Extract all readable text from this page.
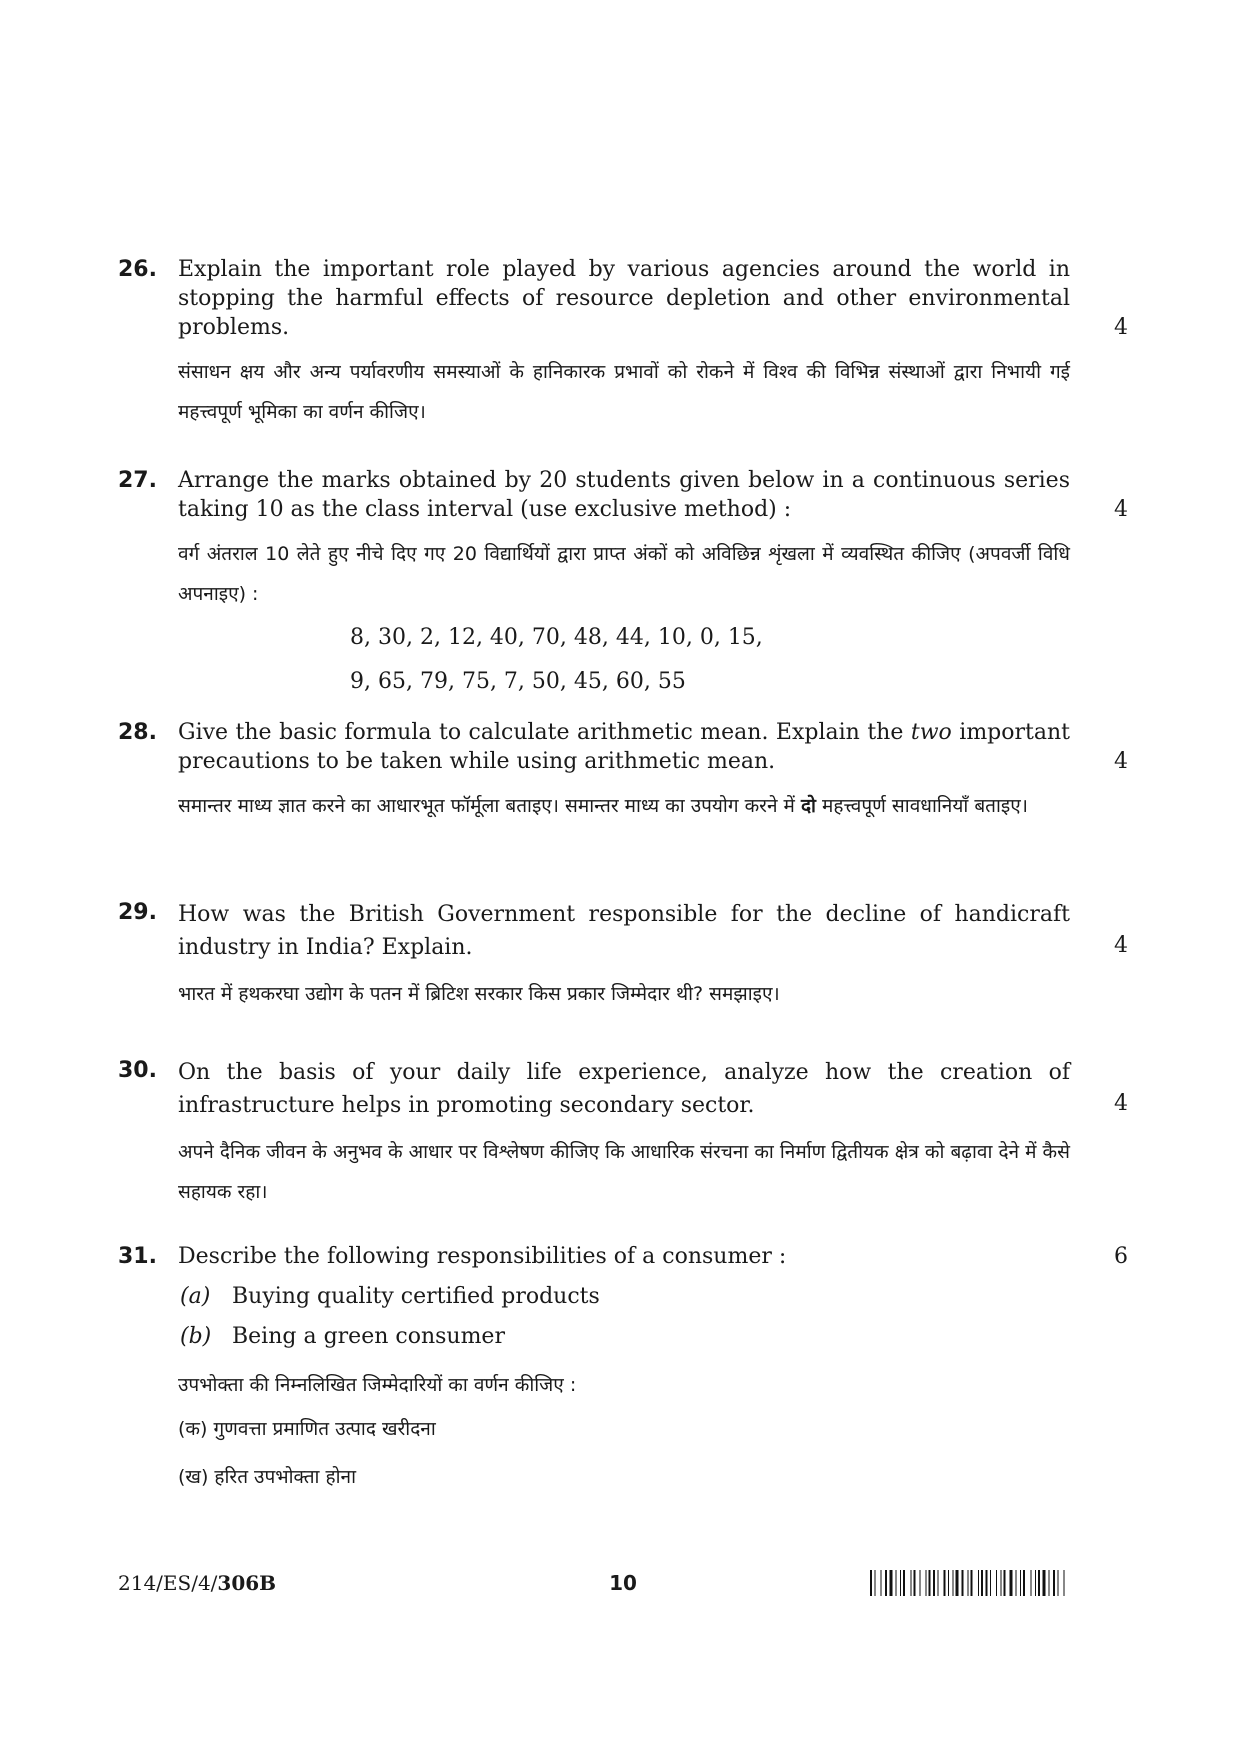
26. Explain the important role played by various agencies around the world in stopping the harmful effects of resource depletion and other environmental problems.	4
संसाधन क्षय और अन्य पर्यावरणीय समस्याओं के हानिकारक प्रभावों को रोकने में विश्व की विभिन्न संस्थाओं द्वारा निभायी गई महत्त्वपूर्ण भूमिका का वर्णन कीजिए।
27. Arrange the marks obtained by 20 students given below in a continuous series taking 10 as the class interval (use exclusive method) :	4
वर्ग अंतराल 10 लेते हुए नीचे दिए गए 20 विद्यार्थियों द्वारा प्राप्त अंकों को अविछिन्न शृंखला में व्यवस्थित कीजिए (अपवर्जी विधि अपनाइए) :
8, 30, 2, 12, 40, 70, 48, 44, 10, 0, 15,
9, 65, 79, 75, 7, 50, 45, 60, 55
28. Give the basic formula to calculate arithmetic mean. Explain the two important precautions to be taken while using arithmetic mean.	4
समान्तर माध्य ज्ञात करने का आधारभूत फॉर्मूला बताइए। समान्तर माध्य का उपयोग करने में दो महत्त्वपूर्ण सावधानियाँ बताइए।
29. How was the British Government responsible for the decline of handicraft industry in India? Explain.	4
भारत में हथकरघा उद्योग के पतन में ब्रिटिश सरकार किस प्रकार जिम्मेदार थी? समझाइए।
30. On the basis of your daily life experience, analyze how the creation of infrastructure helps in promoting secondary sector.	4
अपने दैनिक जीवन के अनुभव के आधार पर विश्लेषण कीजिए कि आधारिक संरचना का निर्माण द्वितीयक क्षेत्र को बढ़ावा देने में कैसे सहायक रहा।
31. Describe the following responsibilities of a consumer :	6
(a) Buying quality certified products
(b) Being a green consumer
उपभोक्ता की निम्नलिखित जिम्मेदारियों का वर्णन कीजिए :
(क) गुणवत्ता प्रमाणित उत्पाद खरीदना
(ख) हरित उपभोक्ता होना
214/ES/4/306B	10
